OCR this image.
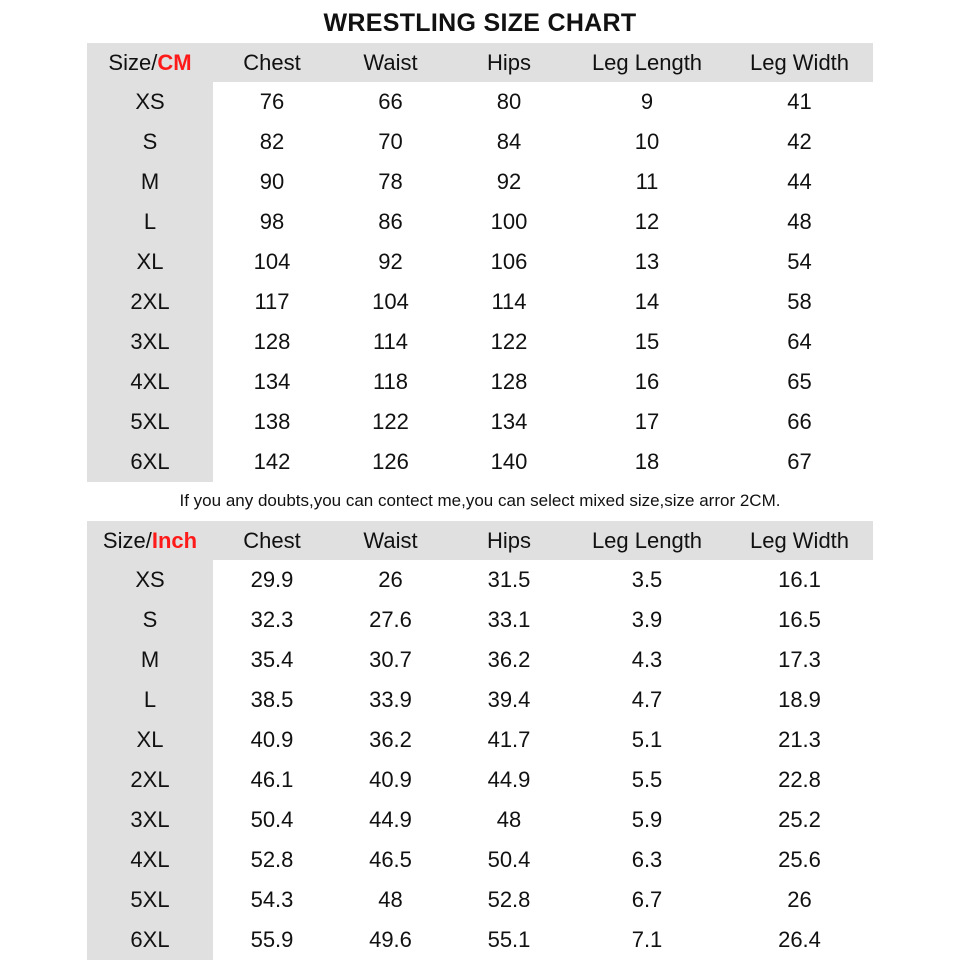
WRESTLING SIZE CHART
Size/CM	Chest	Waist	Hips	Leg Length	Leg Width
XS	76	66	80	9	41
S	82	70	84	10	42
M	90	78	92	11	44
L	98	86	100	12	48
XL	104	92	106	13	54
2XL	117	104	114	14	58
3XL	128	114	122	15	64
4XL	134	118	128	16	65
5XL	138	122	134	17	66
6XL	142	126	140	18	67
If you any doubts,you can contect me,you can select mixed size,size arror 2CM.
Size/Inch	Chest	Waist	Hips	Leg Length	Leg Width
XS	29.9	26	31.5	3.5	16.1
S	32.3	27.6	33.1	3.9	16.5
M	35.4	30.7	36.2	4.3	17.3
L	38.5	33.9	39.4	4.7	18.9
XL	40.9	36.2	41.7	5.1	21.3
2XL	46.1	40.9	44.9	5.5	22.8
3XL	50.4	44.9	48	5.9	25.2
4XL	52.8	46.5	50.4	6.3	25.6
5XL	54.3	48	52.8	6.7	26
6XL	55.9	49.6	55.1	7.1	26.4
